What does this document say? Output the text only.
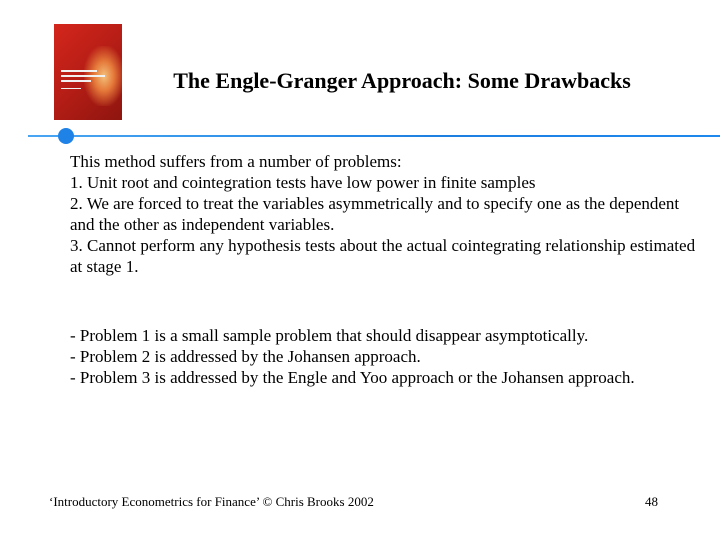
The Engle-Granger Approach: Some Drawbacks

This method suffers from a number of problems:

1. Unit root and cointegration tests have low power in finite samples

2. We are forced to treat the variables asymmetrically and to specify one as the dependent and the other as independent variables.

3. Cannot perform any hypothesis tests about the actual cointegrating relationship estimated at stage 1.

- Problem 1 is a small sample problem that should disappear asymptotically.

- Problem 2 is addressed by the Johansen approach.

- Problem 3 is addressed by the Engle and Yoo approach or the Johansen approach.

‘Introductory Econometrics for Finance’ © Chris Brooks 2002	48
